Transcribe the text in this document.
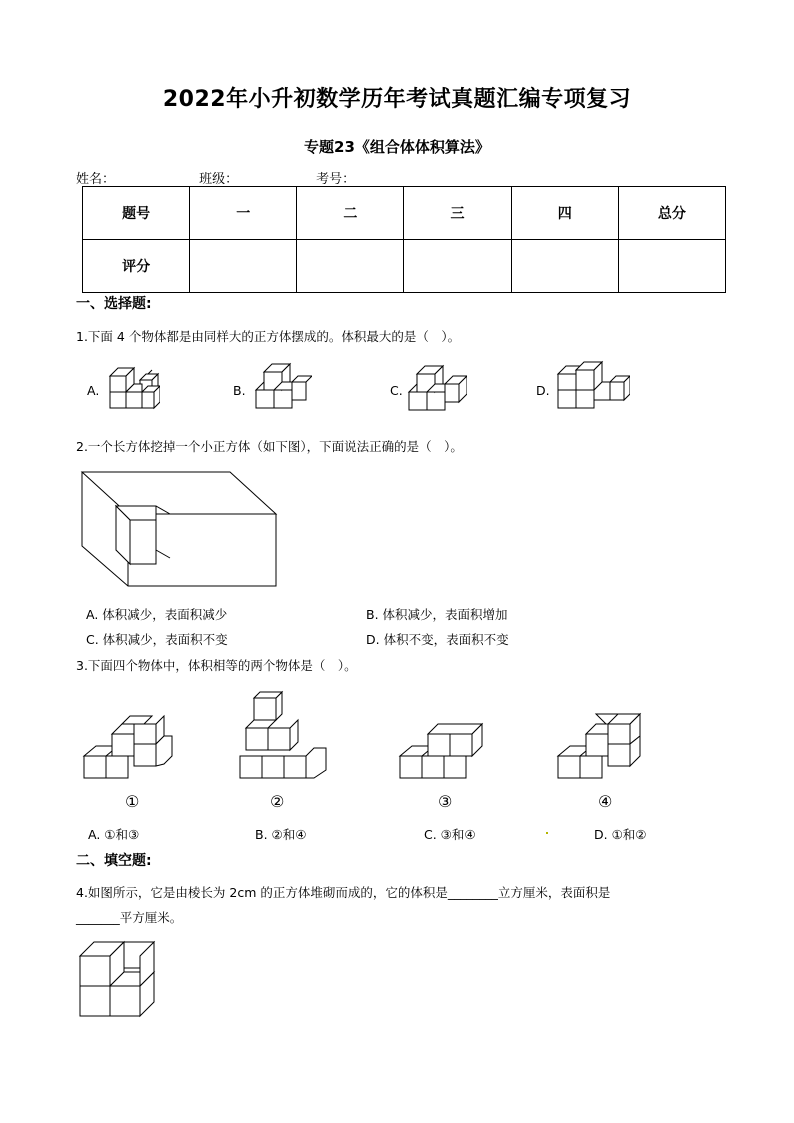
2022年小升初数学历年考试真题汇编专项复习
专题23《组合体体积算法》
姓名：	班级：	考号：
题号	一	二	三	四	总分
评分					
一、选择题:
1.下面 4 个物体都是由同样大的正方体摆成的。体积最大的是（　）。
A.	B.	C.	D.
2.一个长方体挖掉一个小正方体（如下图），下面说法正确的是（　）。
A. 体积减少，表面积减少	B. 体积减少，表面积增加
C. 体积减少，表面积不变	D. 体积不变，表面积不变
3.下面四个物体中，体积相等的两个物体是（　）。
①	②	③	④
A. ①和③	B. ②和④	C. ③和④	D. ①和②
二、填空题:
4.如图所示，它是由棱长为 2cm 的正方体堆砌而成的，它的体积是________立方厘米，表面积是
_______平方厘米。
